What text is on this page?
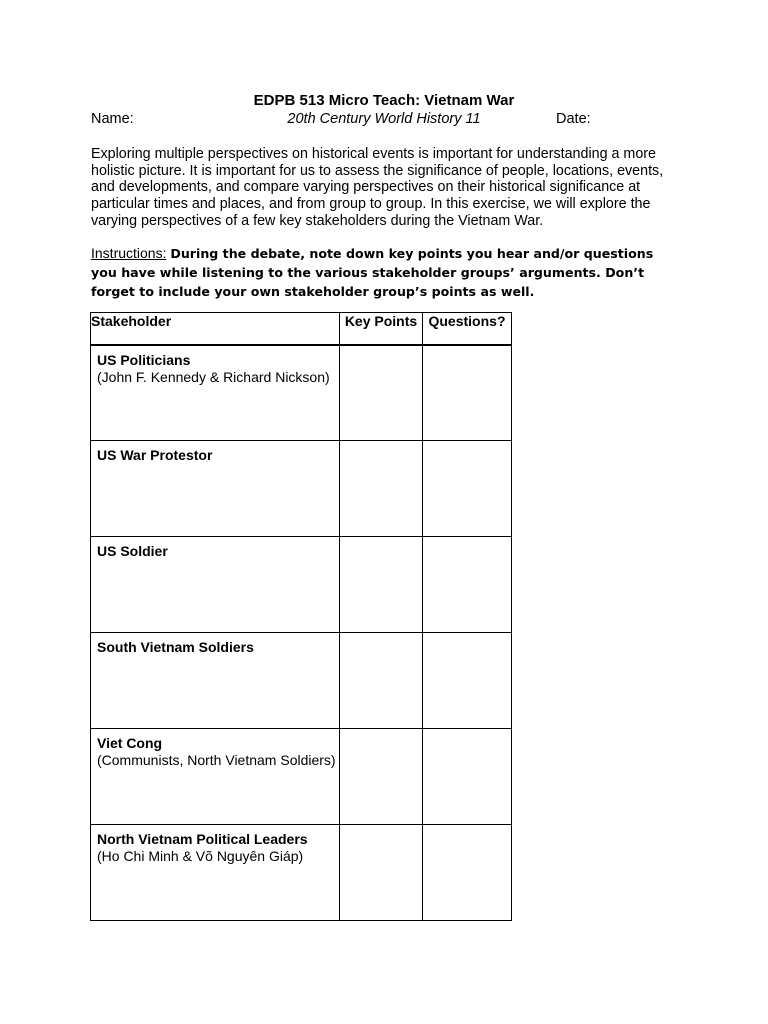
EDPB 513 Micro Teach: Vietnam War
Name:	20th Century World History 11	Date:
Exploring multiple perspectives on historical events is important for understanding a more holistic picture. It is important for us to assess the significance of people, locations, events, and developments, and compare varying perspectives on their historical significance at particular times and places, and from group to group. In this exercise, we will explore the varying perspectives of a few key stakeholders during the Vietnam War.
Instructions: During the debate, note down key points you hear and/or questions you have while listening to the various stakeholder groups’ arguments. Don’t forget to include your own stakeholder group’s points as well.
Stakeholder	Key Points	Questions?

US Politicians
(John F. Kennedy & Richard Nickson)		

US War Protestor		

US Soldier		

South Vietnam Soldiers		

Viet Cong
(Communists, North Vietnam Soldiers)		

North Vietnam Political Leaders
(Ho Chi Minh & Võ Nguyên Giáp)		
